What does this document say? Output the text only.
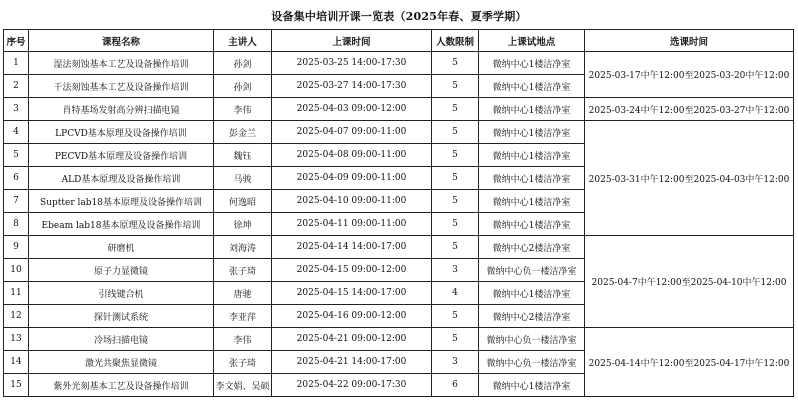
设备集中培训开课一览表（2025年春、夏季学期）
序号	课程名称	主讲人	上课时间	人数限制	上课试地点	选课时间
1	湿法刻蚀基本工艺及设备操作培训	孙剑	2025-03-25 14:00-17:30	5	微纳中心1楼洁净室	2025-03-17中午12:00至2025-03-20中午12:00
2	干法刻蚀基本工艺及设备操作培训	孙剑	2025-03-27 14:00-17:30	5	微纳中心1楼洁净室	
3	肖特基场发射高分辨扫描电镜	李伟	2025-04-03 09:00-12:00	5	微纳中心1楼洁净室	2025-03-24中午12:00至2025-03-27中午12:00
4	LPCVD基本原理及设备操作培训	彭金兰	2025-04-07 09:00-11:00	5	微纳中心1楼洁净室	2025-03-31中午12:00至2025-04-03中午12:00
5	PECVD基本原理及设备操作培训	魏钰	2025-04-08 09:00-11:00	5	微纳中心1楼洁净室	
6	ALD基本原理及设备操作培训	马骏	2025-04-09 09:00-11:00	5	微纳中心1楼洁净室	
7	Suptter lab18基本原理及设备操作培训	何逸昭	2025-04-10 09:00-11:00	5	微纳中心1楼洁净室	
8	Ebeam lab18基本原理及设备操作培训	徐坤	2025-04-11 09:00-11:00	5	微纳中心1楼洁净室	
9	研磨机	刘海涛	2025-04-14 14:00-17:00	5	微纳中心2楼洁净室	2025-04-7中午12:00至2025-04-10中午12:00
10	原子力显微镜	张子琦	2025-04-15 09:00-12:00	3	微纳中心负一楼洁净室	
11	引线键合机	唐驰	2025-04-15 14:00-17:00	4	微纳中心1楼洁净室	
12	探针测试系统	李亚萍	2025-04-16 09:00-12:00	5	微纳中心2楼洁净室	
13	冷场扫描电镜	李伟	2025-04-21 09:00-12:00	5	微纳中心负一楼洁净室	2025-04-14中午12:00至2025-04-17中午12:00
14	激光共聚焦显微镜	张子琦	2025-04-21 14:00-17:00	3	微纳中心负一楼洁净室	
15	紫外光刻基本工艺及设备操作培训	李文娟、吴硕	2025-04-22 09:00-17:30	6	微纳中心1楼洁净室	
